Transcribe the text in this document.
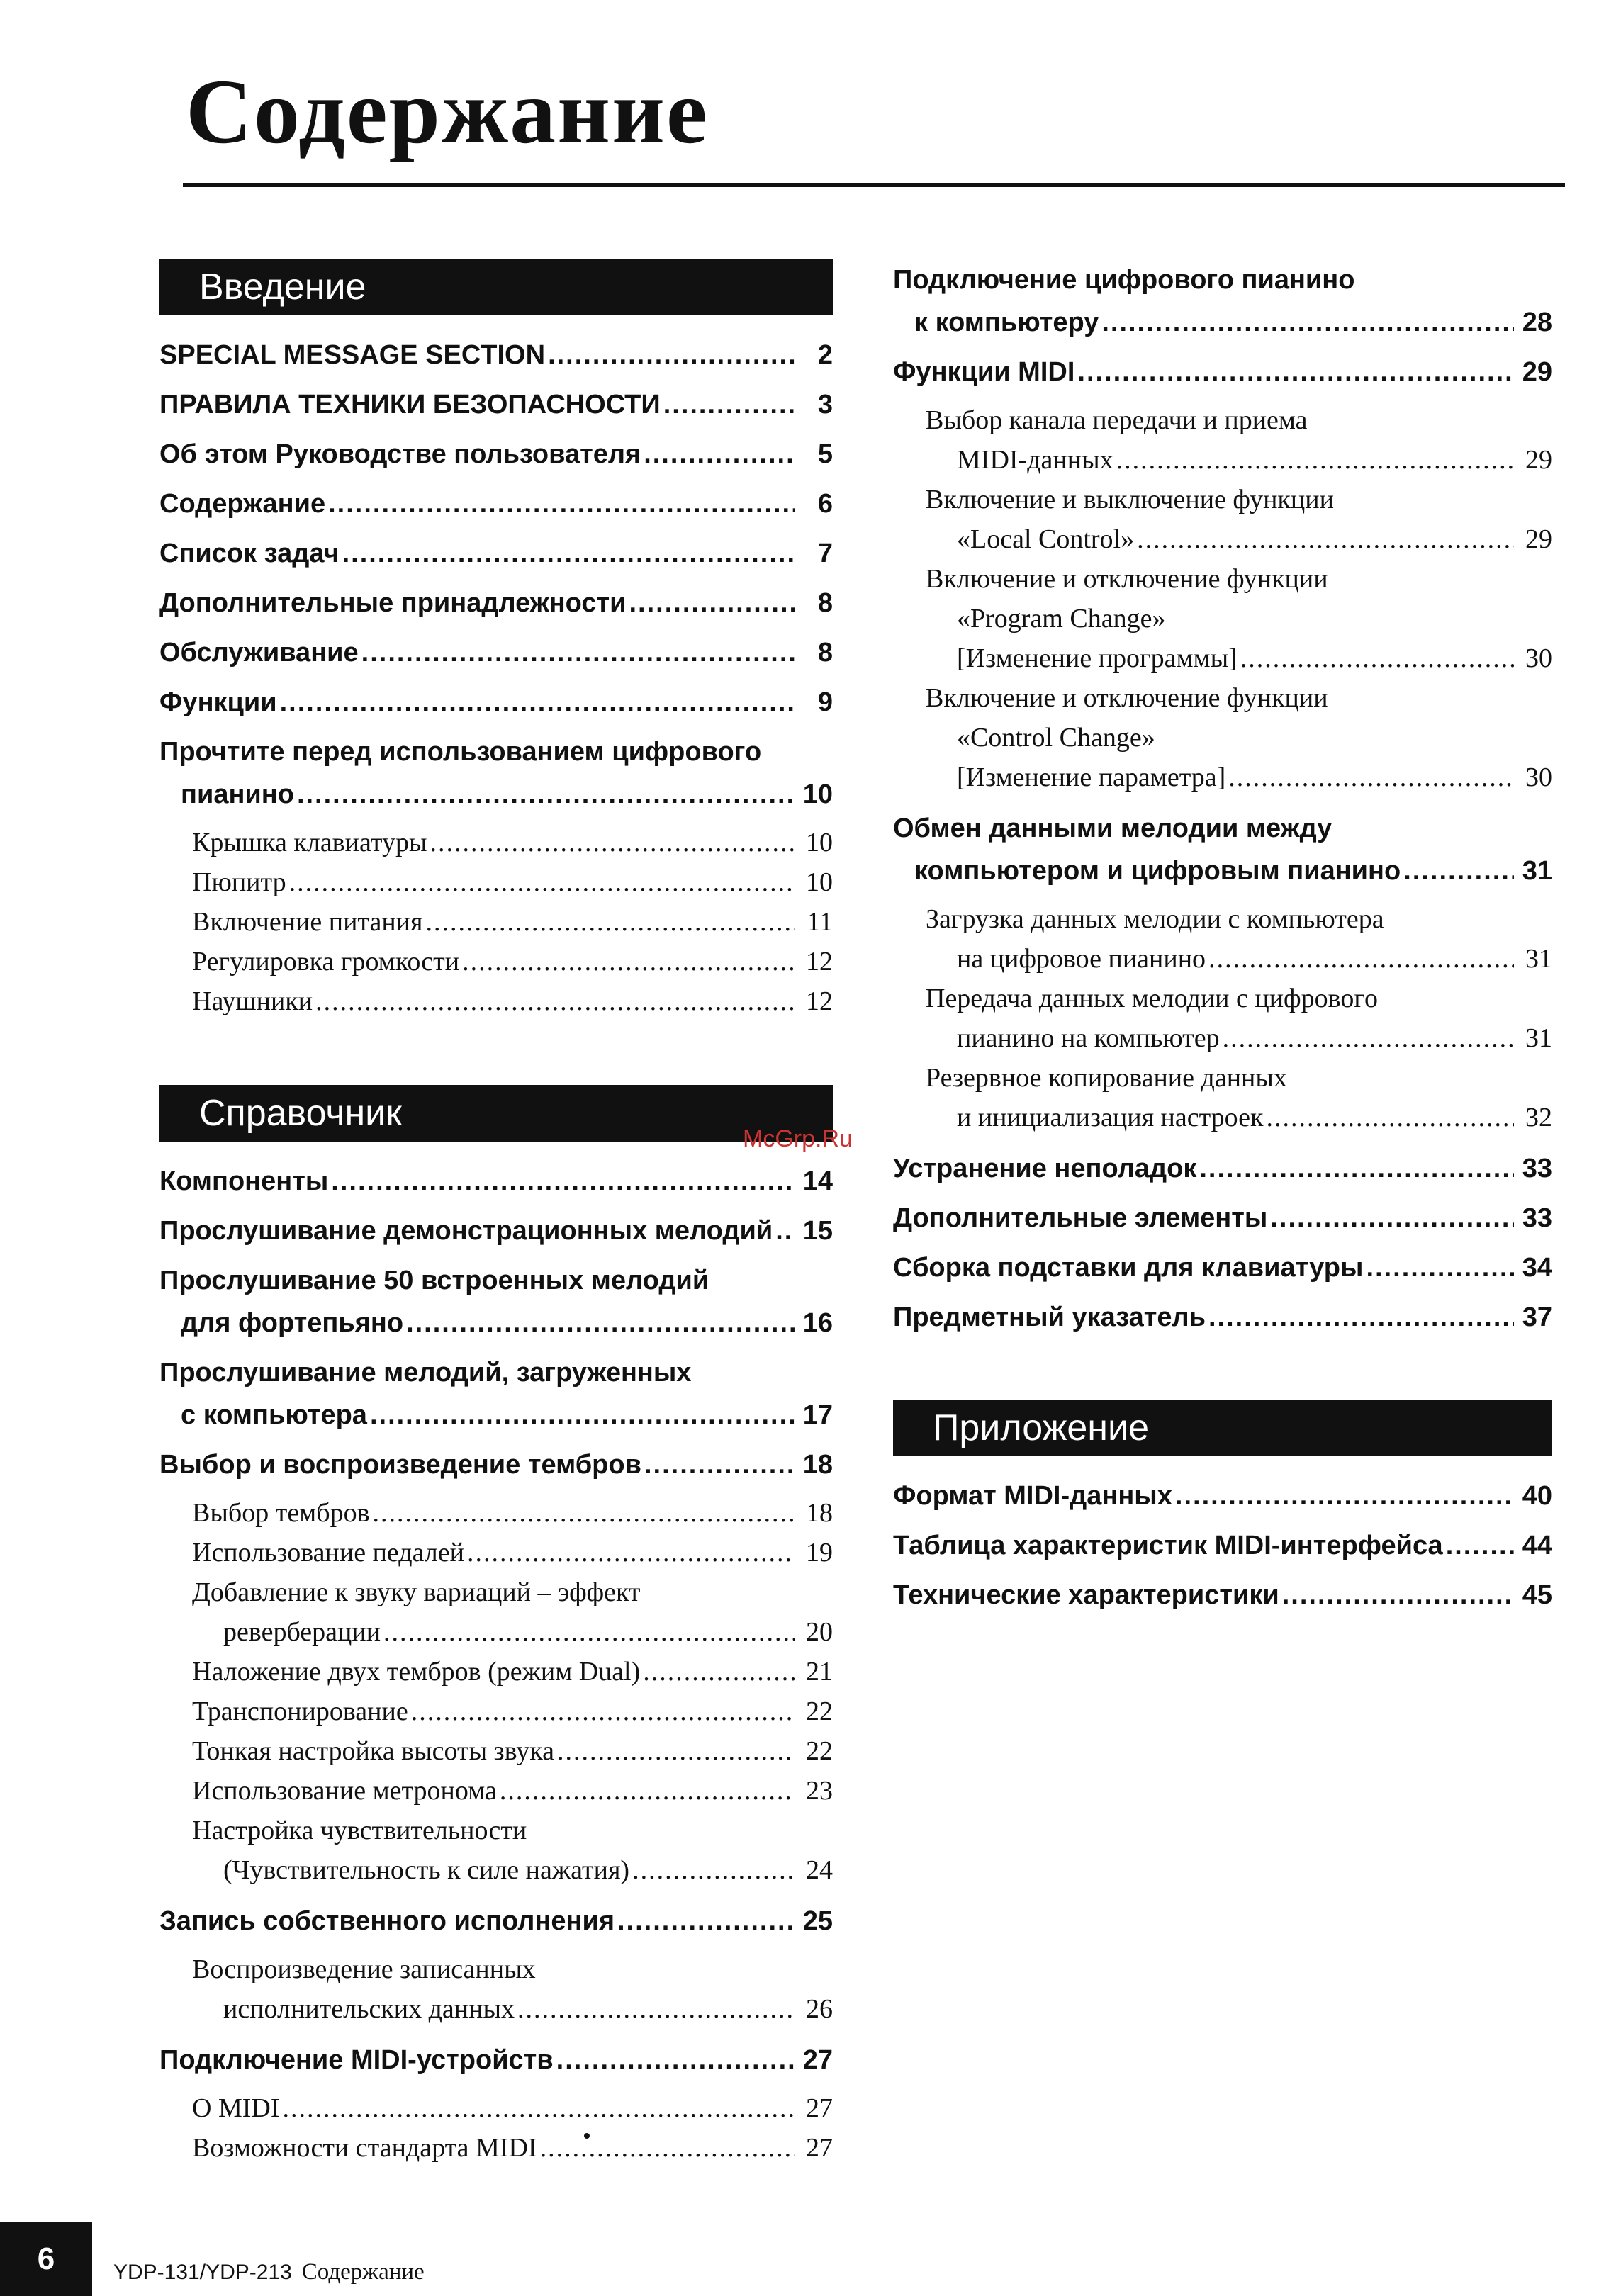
Содержание
Введение
SPECIAL MESSAGE SECTION .....	2
ПРАВИЛА ТЕХНИКИ БЕЗОПАСНОСТИ .....	3
Об этом Руководстве пользователя .....	5
Содержание .....	6
Список задач .....	7
Дополнительные принадлежности .....	8
Обслуживание .....	8
Функции .....	9
Прочтите перед использованием цифрового
пианино .....	10
Крышка клавиатуры .....	10
Пюпитр .....	10
Включение питания .....	11
Регулировка громкости .....	12
Наушники .....	12
Справочник
Компоненты .....	14
Прослушивание демонстрационных мелодий ..... 15
Прослушивание 50 встроенных мелодий
для фортепьяно .....	16
Прослушивание мелодий, загруженных
с компьютера .....	17
Выбор и воспроизведение тембров .....	18
Выбор тембров .....	18
Использование педалей .....	19
Добавление к звуку вариаций – эффект
реверберации .....	20
Наложение двух тембров (режим Dual) .....	21
Транспонирование .....	22
Тонкая настройка высоты звука .....	22
Использование метронома .....	23
Настройка чувствительности
(Чувствительность к силе нажатия) .....	24
Запись собственного исполнения .....	25
Воспроизведение записанных
исполнительских данных .....	26
Подключение MIDI-устройств .....	27
О MIDI .....	27
Возможности стандарта MIDI .....	27
Подключение цифрового пианино
к компьютеру .....	28
Функции MIDI .....	29
Выбор канала передачи и приема
MIDI-данных .....	29
Включение и выключение функции
«Local Control» .....	29
Включение и отключение функции
«Program Change»
[Изменение программы] .....	30
Включение и отключение функции
«Control Change»
[Изменение параметра] .....	30
Обмен данными мелодии между
компьютером и цифровым пианино .....	31
Загрузка данных мелодии с компьютера
на цифровое пианино .....	31
Передача данных мелодии с цифрового
пианино на компьютер .....	31
Резервное копирование данных
и инициализация настроек .....	32
Устранение неполадок .....	33
Дополнительные элементы .....	33
Сборка подставки для клавиатуры .....	34
Предметный указатель .....	37
Приложение
Формат MIDI-данных .....	40
Таблица характеристик MIDI-интерфейса .....	44
Технические характеристики .....	45
McGrp.Ru
6	YDP-131/YDP-213 Содержание
